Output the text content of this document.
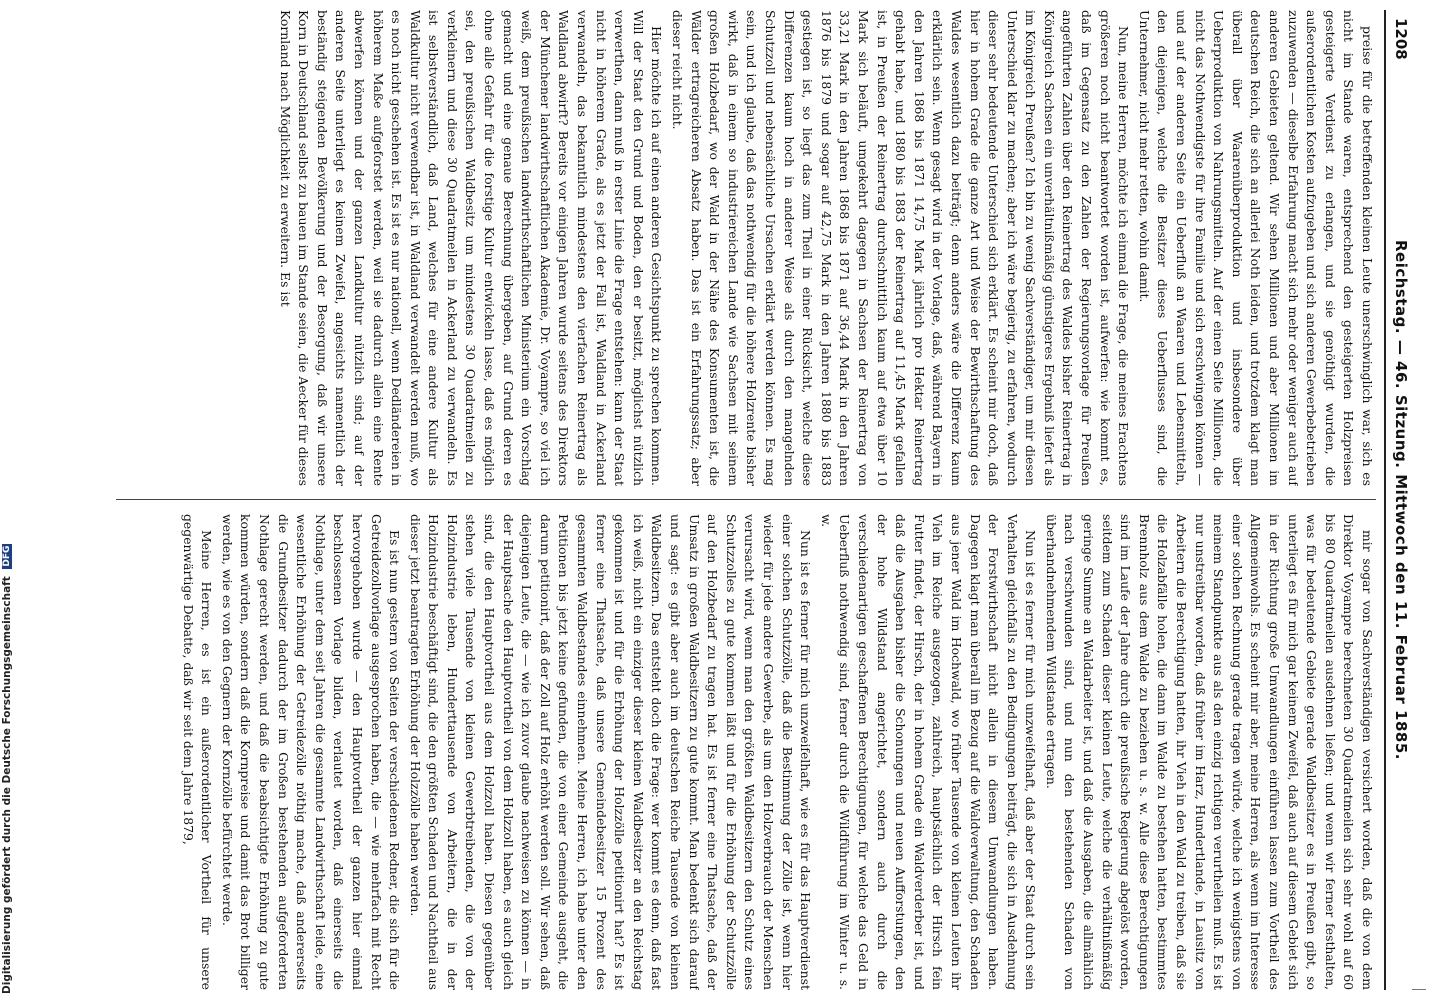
1208
Reichstag. — 46. Sitzung. Mittwoch den 11. Februar 1885.

preise für die betreffenden kleinen Leute unerschwinglich war, sich es nicht im Stande waren, entsprechend den gesteigerten Holzpreisen gesteigerte Verdienst zu erlangen, und sie genöthigt wurden, die außerordentlichen Kosten aufzugeben und sich anderen Gewerbebetrieben zuzuwenden — dieselbe Erfahrung macht sich mehr oder weniger auch auf anderen Gebieten geltend. Wir sehen Millionen und aber Millionen im deutschen Reich, die sich an allerlei Noth leiden, und trotzdem klagt man überall über Waarenüberproduktion und insbesondere über Ueberproduktion von Nahrungsmitteln. Auf der einen Seite Millionen, die nicht das Nothwendigste für ihre Familie und sich erschwingen können — und auf der anderen Seite ein Ueberfluß an Waaren und Lebensmitteln, den diejenigen, welche die Besitzer dieses Ueberflusses sind, die Unternehmer, nicht mehr retten, wohin damit.

Nun, meine Herren, möchte ich einmal die Frage, die meines Erachtens größeren noch nicht beantwortet worden ist, aufwerfen: wie kommt es, daß im Gegensatz zu den Zahlen der Regierungsvorlage für Preußen angeführten Zahlen über den Reinertrag des Waldes bisher Reinertrag in Königreich Sachsen ein unverhältnißmäßig günstigeres Ergebniß liefert als im Königreich Preußen? Ich bin zu wenig Sachverständiger, um mir diesen Unterschied klar zu machen; aber ich wäre begierig, zu erfahren, wodurch dieser sehr bedeutende Unterschied sich erklärt. Es scheint mir doch, daß hier in hohem Grade die ganze Art und Weise der Bewirthschaftung des Waldes wesentlich dazu beiträgt; denn anders wäre die Differenz kaum erklärlich sein. Wenn gesagt wird in der Vorlage, daß, während Bayern in den Jahren 1868 bis 1871 14,75 Mark jährlich pro Hektar Reinertrag gehabt habe, und 1880 bis 1883 der Reinertrag auf 11,45 Mark gefallen ist, in Preußen der Reinertrag durchschnittlich kaum auf etwa über 10 Mark sich beläuft, umgekehrt dagegen in Sachsen der Reinertrag von 33,21 Mark in den Jahren 1868 bis 1871 auf 36,44 Mark in den Jahren 1876 bis 1879 und sogar auf 42,75 Mark in den Jahren 1880 bis 1883 gestiegen ist, so liegt das zum Theil in einer Rücksicht, welche diese Differenzen kaum hoch in anderer Weise als durch den mangelnden Schutzzoll und nebensächliche Ursachen erklärt werden können. Es mag sein, und ich glaube, daß das nothwendig für die höhere Holzrente bisher wirkt, daß in einem so industriereichen Lande wie Sachsen mit seinem großen Holzbedarf, wo der Wald in der Nähe des Konsumenten ist, die Wälder ertragreicheren Absatz haben. Das ist ein Erfahrungssatz; aber dieser reicht nicht.

Hier möchte ich auf einen anderen Gesichtspunkt zu sprechen kommen. Will der Staat den Grund und Boden, den er besitzt, möglichst nützlich verwerthen, dann muß in erster Linie die Frage entstehen: kann der Staat nicht in höherem Grade, als es jetzt der Fall ist, Waldland in Ackerland verwandeln, das bekanntlich mindestens den vierfachen Reinertrag als Waldland abwirft? Bereits vor einigen Jahren wurde seitens des Direktors der Münchener landwirthschaftlichen Akademie, Dr. Voyampre, so viel ich weiß, dem preußischen landwirthschaftlichen Ministerium ein Vorschlag gemacht und eine genaue Berechnung übergeben, auf Grund deren es ohne alle Gefahr für die forstige Kultur entwickeln lasse, daß es möglich sei, den preußischen Waldbesitz um mindestens 30 Quadratmeilen zu verkleinern und diese 30 Quadratmeilen in Ackerland zu verwandeln. Es ist selbstverständlich, daß Land, welches für eine andere Kultur als Waldkultur nicht verwendbar ist, in Waldland verwandelt werden muß, wo es noch nicht geschehen ist. Es ist es nur nationell, wenn Dedländereien in höherem Maße aufgeforstet werden, weil sie dadurch allein eine Rente abwerfen können und der ganzen Landkultur nützlich sind; auf der anderen Seite unterliegt es keinem Zweifel, angesichts namentlich der beständig steigenden Bevölkerung und der Besorgung, daß wir unsere Korn in Deutschland selbst zu bauen im Stande seien, die Aecker für dieses Kornland nach Möglichkeit zu erweitern. Es ist

mir sogar von Sachverständigen versichert worden, daß die von dem Direktor Voyampre berechneten 30 Quadratmeilen sich sehr wohl auf 60 bis 80 Quadratmeilen ausdehnen ließen; und wenn wir ferner festhalten, was für bedeutende Gebiete gerade Waldbesitzer es in Preußen gibt, so unterliegt es für mich gar keinem Zweifel, daß auch auf diesem Gebiet sich in der Richtung große Umwandlungen einführen lassen zum Vortheil des Allgemeinwohls. Es scheint mir aber, meine Herren, als wenn im Interesse einer solchen Rechnung gerade tragen würde, welche ich wenigstens von meinem Standpunkte aus als den einzig richtigen verurtheilen muß. Es ist nur unstreitbar worden, daß früher im Harz, Hundertlande, in Lausitz von Arbeitern die Berechtigung hatten, ihr Vieh in den Wald zu treiben, daß sie die Holzabfälle holen, die dann im Walde zu bestehen hatten, bestimmtes Brennholz aus dem Walde zu beziehen u. s. w. Alle diese Berechtigungen sind im Laufe der Jahre durch die preußische Regierung abgelöst worden, seitdem zum Schaden dieser kleinen Leute, welche die verhältnißmäßig geringe Summe an Waldarbeiter ist, und daß die Ausgaben, die allmählich nach verschwunden sind, und nun den bestehenden Schaden von überhandnehmendem Wildstande ertragen.

Nun ist es ferner für mich unzweifelhaft, daß aber der Staat durch sein Verhalten gleichfalls zu den Bedingungen beiträgt, die sich in Ausdehnung der Forstwirthschaft nicht allein in diesem Umwandlungen haben. Dagegen klagt man überall im Bezug auf die Waldverwaltung, den Schaden aus jener Wald im Hochwald, wo früher Tausende von kleinen Leuten ihr Vieh im Reiche ausgezogen, zahlreich, hauptsächlich der Hirsch fein Futter findet, der Hirsch, der in hohem Grade ein Waldverderber ist, und daß die Ausgaben bisher die Schonungen und neuen Aufforstungen, den der hohe Wildstand angerichtet, sondern auch durch die verschiedenartigen geschaffenen Berechtigungen, für welche das Geld in Ueberfluß nothwendig sind, ferner durch die Wildführung im Winter u. s. w.

Nun ist es ferner für mich unzweifelhaft, wie es für das Hauptverdienst einer solchen Schutzzölle, daß die Bestimmung der Zölle ist, wenn hier wieder für jede andere Gewerbe, als um den Holzverbrauch der Menschen verursacht wird, wenn man den größten Waldbesitzern den Schutz eines Schutzzolles zu gute kommen läßt und für die Erhöhung der Schutzzölle auf den Holzbedarf zu tragen hat. Es ist ferner eine Thatsache, daß der Umsatz in großen Waldbesitzern zu gute kommt. Man bedenkt sich darauf und sagt: es gibt aber auch im deutschen Reiche Tausende von kleinen Waldbesitzern. Das entsteht doch die Frage: wer kommt es denn, daß fast ich weiß, nicht ein einziger dieser kleinen Waldbesitzer an den Reichstag gekommen ist und für die Erhöhung der Holzzölle petitionirt hat? Es ist ferner eine Thatsache, daß unsere Gemeindebesitzer 15 Prozent des gesammten Waldbestandes einnehmen. Meine Herren, ich habe unter den Petitionen bis jetzt keine gefunden, die von einer Gemeinde ausgeht, die darum petitionirt, daß der Zoll auf Holz erhöht werden soll. Wir sehen, daß diejenigen Leute, die — wie ich zuvor glaube nachweisen zu können — in der Hauptsache den Hauptvortheil von dem Holzzoll haben, es auch gleich sind, die den Hauptvortheil aus dem Holzzoll haben. Diesen gegenüber stehen viele Tausende von kleinen Gewerbtreibenden, die von der Holzindustrie leben, Hunderttausende von Arbeitern, die in der Holzindustrie beschäftigt sind, die den größten Schaden und Nachtheil aus dieser jetzt beantragten Erhöhung der Holzzölle haben werden.

Es ist nun gestern von Seiten der verschiedenen Redner, die sich für die Getreidezollvorlage ausgesprochen haben, die — wie mehrfach mit Recht hervorgehoben wurde — den Hauptvortheil der ganzen hier einmal beschlossenen Vorlage bilden, verlautet worden, daß einerseits die Nothlage, unter dem seit Jahren die gesammte Landwirthschaft leide, eine wesentliche Erhöhung der Getreidezölle nöthig mache, daß andererseits die Grundbesitzer dadurch der im Großen bestehenden aufgeforderten Nothlage gerecht werden, und daß die beabsichtigte Erhöhung zu gute kommen würden, sondern daß die Kornpreise und damit das Brot billiger werden, wie es von den Gegnern der Kornzölle befürchtet werde.

Meine Herren, es ist ein außerordentlicher Vortheil für unsere gegenwärtige Debatte, daß wir seit dem Jahre 1879,

Digitalisierung gefördert durch die Deutsche Forschungsgemeinschaft DFG
